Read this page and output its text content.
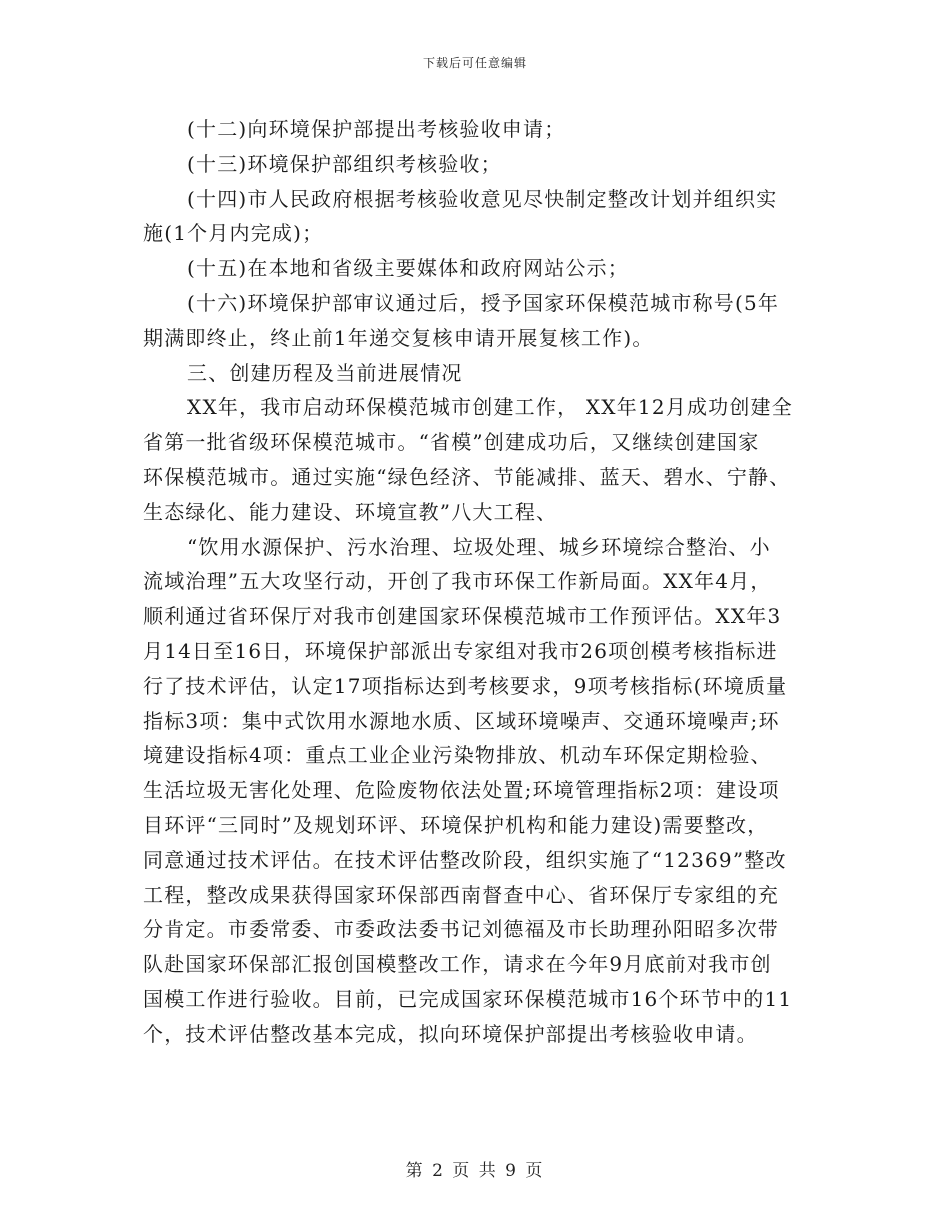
下载后可任意编辑
(十二)向环境保护部提出考核验收申请；
(十三)环境保护部组织考核验收；
(十四)市人民政府根据考核验收意见尽快制定整改计划并组织实
施(1个月内完成)；
(十五)在本地和省级主要媒体和政府网站公示；
(十六)环境保护部审议通过后，授予国家环保模范城市称号(5年
期满即终止，终止前1年递交复核申请开展复核工作)。
三、创建历程及当前进展情况
XX年，我市启动环保模范城市创建工作， XX年12月成功创建全
省第一批省级环保模范城市。“省模”创建成功后，又继续创建国家
环保模范城市。通过实施“绿色经济、节能减排、蓝天、碧水、宁静、
生态绿化、能力建设、环境宣教”八大工程、
“饮用水源保护、污水治理、垃圾处理、城乡环境综合整治、小
流域治理”五大攻坚行动，开创了我市环保工作新局面。XX年4月，
顺利通过省环保厅对我市创建国家环保模范城市工作预评估。XX年3
月14日至16日，环境保护部派出专家组对我市26项创模考核指标进
行了技术评估，认定17项指标达到考核要求，9项考核指标(环境质量
指标3项：集中式饮用水源地水质、区域环境噪声、交通环境噪声;环
境建设指标4项：重点工业企业污染物排放、机动车环保定期检验、
生活垃圾无害化处理、危险废物依法处置;环境管理指标2项：建设项
目环评“三同时”及规划环评、环境保护机构和能力建设)需要整改，
同意通过技术评估。在技术评估整改阶段，组织实施了“12369”整改
工程，整改成果获得国家环保部西南督查中心、省环保厅专家组的充
分肯定。市委常委、市委政法委书记刘德福及市长助理孙阳昭多次带
队赴国家环保部汇报创国模整改工作，请求在今年9月底前对我市创
国模工作进行验收。目前，已完成国家环保模范城市16个环节中的11
个，技术评估整改基本完成，拟向环境保护部提出考核验收申请。
第 2 页 共 9 页
